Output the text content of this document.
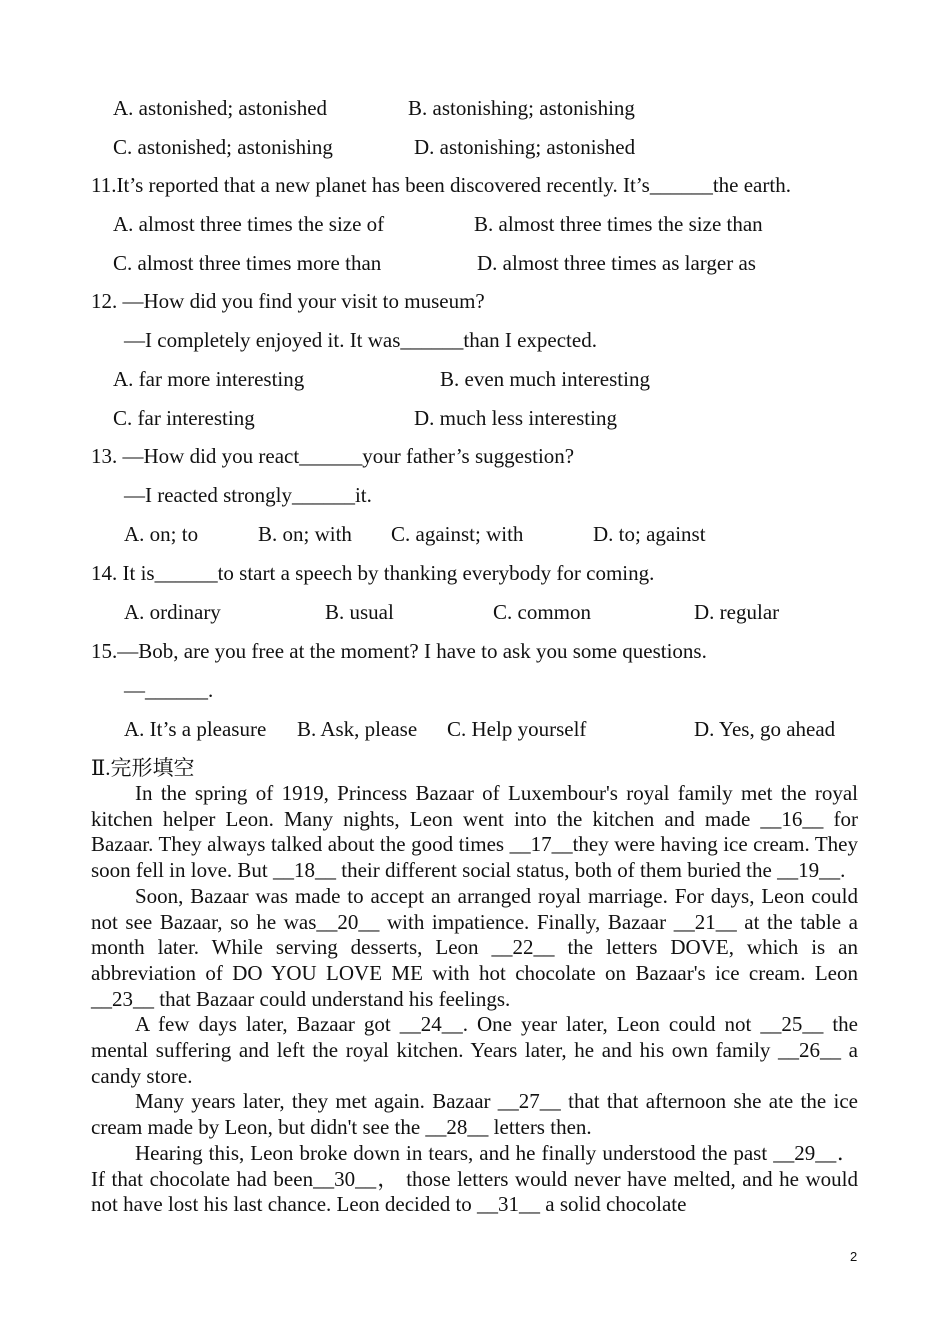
A. astonished; astonished	B. astonishing; astonishing
C. astonished; astonishing	D. astonishing; astonished
11.It’s reported that a new planet has been discovered recently. It’s______the earth.
A. almost three times the size of	B. almost three times the size than
C. almost three times more than	D. almost three times as larger as
12. —How did you find your visit to museum?
—I completely enjoyed it. It was______than I expected.
A. far more interesting	B. even much interesting
C. far interesting	D. much less interesting
13. —How did you react______your father’s suggestion?
—I reacted strongly______it.
A. on; to	B. on; with C. against; with	D. to; against
14. It is______to start a speech by thanking everybody for coming.
A. ordinary	B. usual	C. common	D. regular
15.—Bob, are you free at the moment? I have to ask you some questions.
—______.
A. It’s a pleasure B. Ask, please C. Help yourself	D. Yes, go ahead
Ⅱ.完形填空

In the spring of 1919, Princess Bazaar of Luxembour's royal family met the royal kitchen helper Leon. Many nights, Leon went into the kitchen and made __16__ for Bazaar. They always talked about the good times __17__they were having ice cream. They soon fell in love. But __18__ their different social status, both of them buried the __19__.

Soon, Bazaar was made to accept an arranged royal marriage. For days, Leon could not see Bazaar, so he was__20__ with impatience. Finally, Bazaar __21__ at the table a month later. While serving desserts, Leon __22__ the letters DOVE, which is an abbreviation of DO YOU LOVE ME with hot chocolate on Bazaar's ice cream. Leon __23__ that Bazaar could understand his feelings.

A few days later, Bazaar got __24__. One year later, Leon could not __25__ the mental suffering and left the royal kitchen. Years later, he and his own family __26__ a candy store.

Many years later, they met again. Bazaar __27__ that that afternoon she ate the ice cream made by Leon, but didn't see the __28__ letters then.

Hearing this, Leon broke down in tears, and he finally understood the past __29__． If that chocolate had been__30__， those letters would never have melted, and he would not have lost his last chance. Leon decided to __31__ a solid chocolate

2
